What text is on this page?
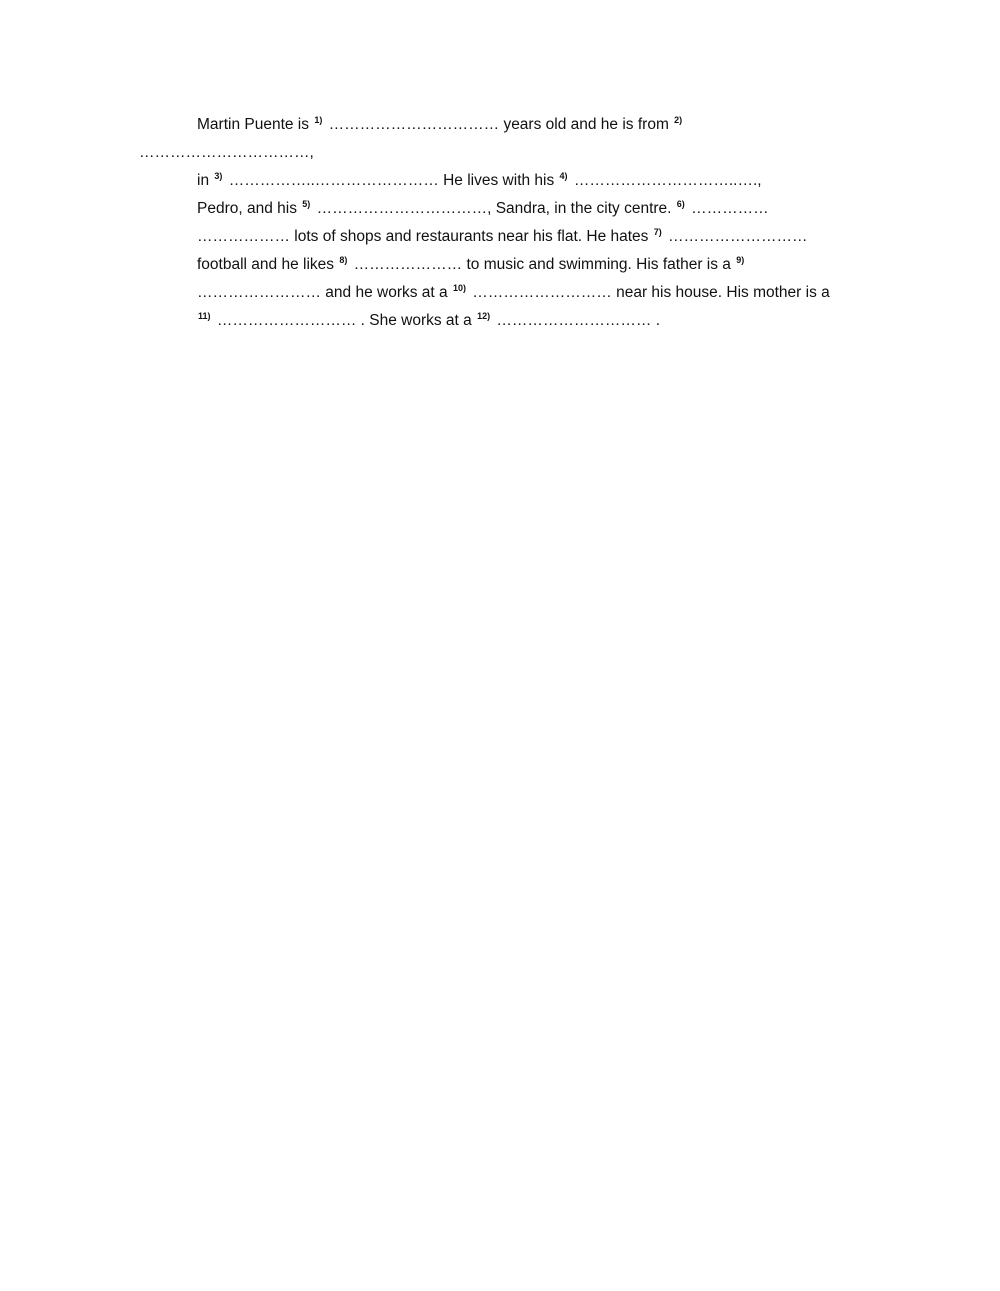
Martin Puente is $^{1)}$ …………………………… years old and he is from $^{2)}$
……………………………,
in $^{3)}$ ……………..…………………… He lives with his $^{4)}$ …………………………..….,
Pedro, and his $^{5)}$ ……………………………, Sandra, in the city centre. $^{6)}$ ……………
……………… lots of shops and restaurants near his flat. He hates $^{7)}$ ………………………
football and he likes $^{8)}$ ………………… to music and swimming. His father is a $^{9)}$
…………………… and he works at a $^{10)}$ ……………………… near his house. His mother is a
$^{11)}$ ……………………… . She works at a $^{12)}$ ………………………… .
